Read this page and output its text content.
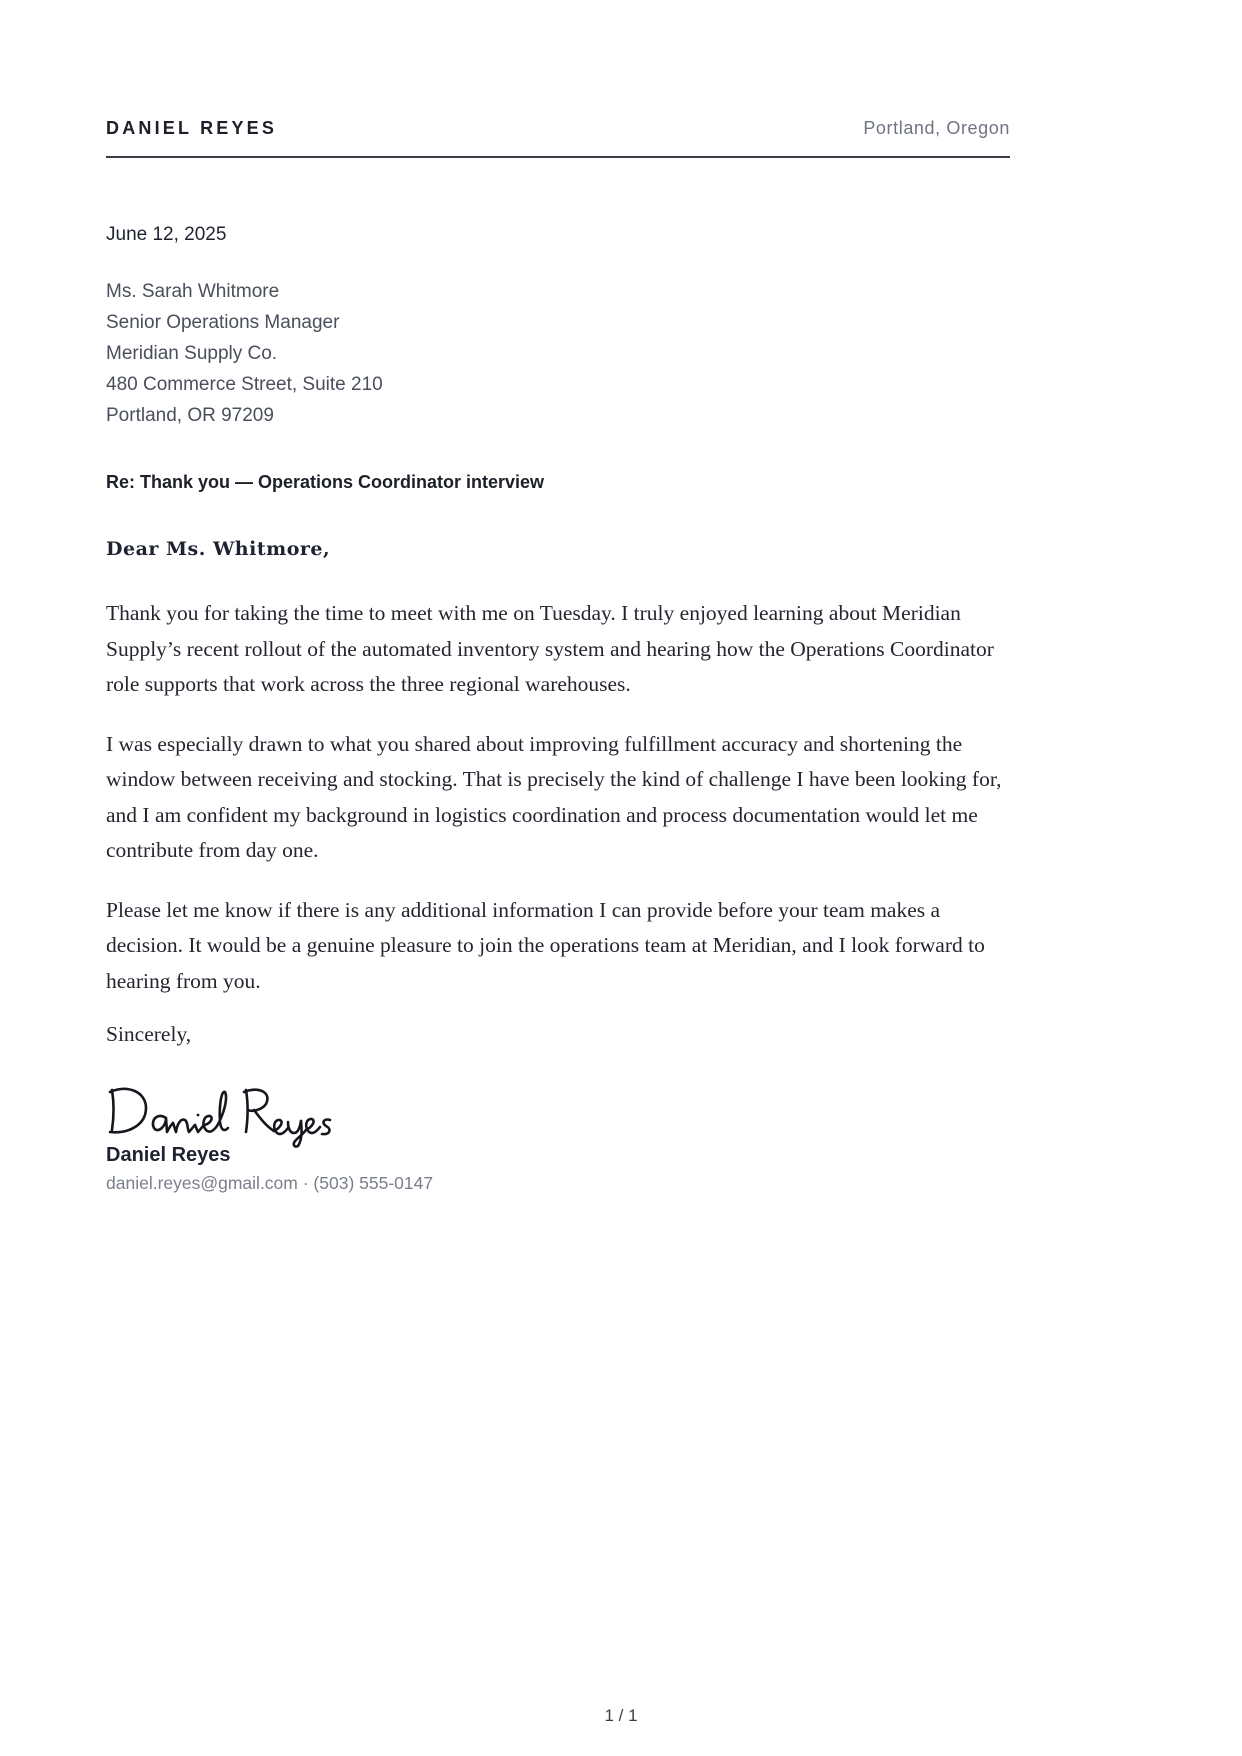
DANIEL REYES	Portland, Oregon
June 12, 2025
Ms. Sarah Whitmore
Senior Operations Manager
Meridian Supply Co.
480 Commerce Street, Suite 210
Portland, OR 97209
Re: Thank you — Operations Coordinator interview
Dear Ms. Whitmore,

Thank you for taking the time to meet with me on Tuesday. I truly enjoyed learning about Meridian Supply’s recent rollout of the automated inventory system and hearing how the Operations Coordinator role supports that work across the three regional warehouses.

I was especially drawn to what you shared about improving fulfillment accuracy and shortening the window between receiving and stocking. That is precisely the kind of challenge I have been looking for, and I am confident my background in logistics coordination and process documentation would let me contribute from day one.

Please let me know if there is any additional information I can provide before your team makes a decision. It would be a genuine pleasure to join the operations team at Meridian, and I look forward to hearing from you.

Sincerely,
Daniel Reyes
daniel.reyes@gmail.com · (503) 555-0147
1 / 1
